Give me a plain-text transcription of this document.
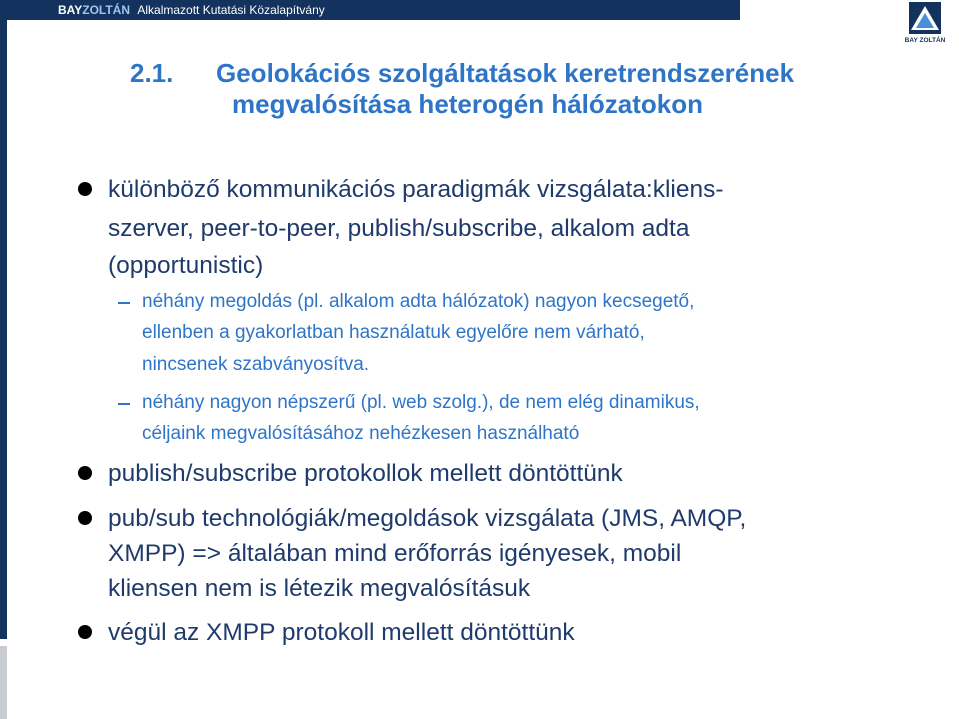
BAYZOLTÁN Alkalmazott Kutatási Közalapítvány
BAY ZOLTÁN
2.1. Geolokációs szolgáltatások keretrendszerének
megvalósítása heterogén hálózatokon
különböző kommunikációs paradigmák vizsgálata:kliens-
szerver, peer-to-peer, publish/subscribe, alkalom adta
(opportunistic)
néhány megoldás (pl. alkalom adta hálózatok) nagyon kecsegető,
ellenben a gyakorlatban használatuk egyelőre nem várható,
nincsenek szabványosítva.
néhány nagyon népszerű (pl. web szolg.), de nem elég dinamikus,
céljaink megvalósításához nehézkesen használható
publish/subscribe protokollok mellett döntöttünk
pub/sub technológiák/megoldások vizsgálata (JMS, AMQP,
XMPP) => általában mind erőforrás igényesek, mobil
kliensen nem is létezik megvalósításuk
végül az XMPP protokoll mellett döntöttünk
